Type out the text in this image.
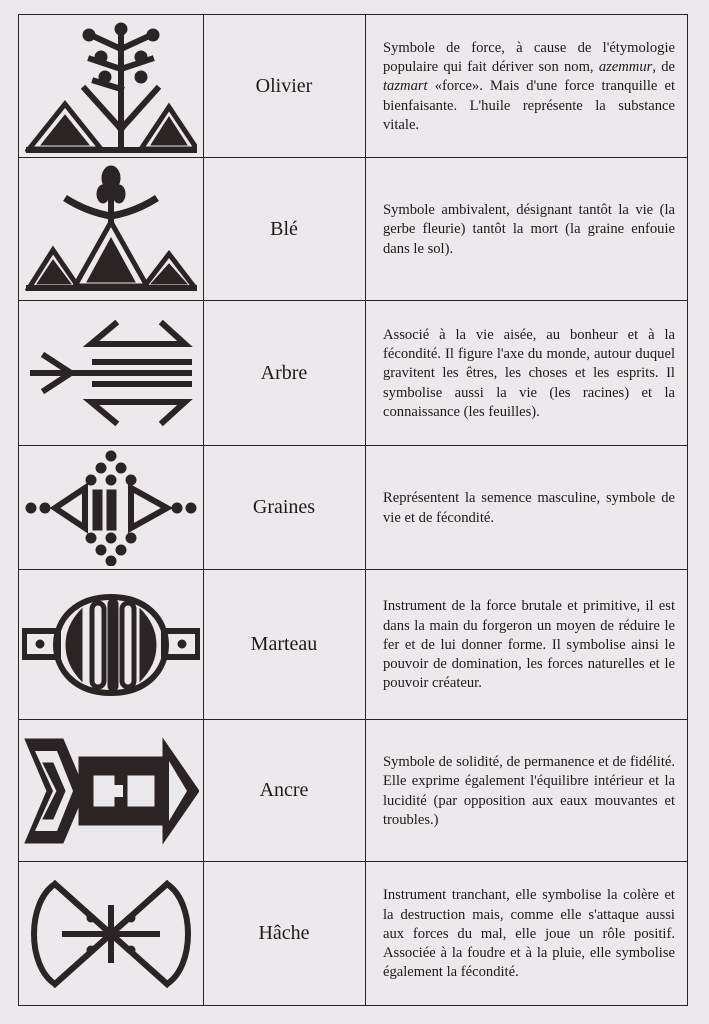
Olivier

Symbole de force, à cause de l'étymologie populaire qui fait dériver son nom, azemmur, de tazmart «force». Mais d'une force tranquille et bienfaisante. L'huile représente la substance vitale.

Blé

Symbole ambivalent, désignant tantôt la vie (la gerbe fleurie) tantôt la mort (la graine enfouie dans le sol).

Arbre

Associé à la vie aisée, au bonheur et à la fécondité. Il figure l'axe du monde, autour duquel gravitent les êtres, les choses et les esprits. Il symbolise aussi la vie (les racines) et la connaissance (les feuilles).

Graines	Représentent la semence masculine, symbole de vie et de fécondité.

Marteau

Instrument de la force brutale et primitive, il est dans la main du forgeron un moyen de réduire le fer et de lui donner forme. Il symbolise ainsi le pouvoir de domination, les forces naturelles et le pouvoir créateur.

Ancre

Symbole de solidité, de permanence et de fidélité. Elle exprime également l'équilibre intérieur et la lucidité (par opposition aux eaux mouvantes et troubles.)

Hâche

Instrument tranchant, elle symbolise la colère et la destruction mais, comme elle s'attaque aussi aux forces du mal, elle joue un rôle positif. Associée à la foudre et à la pluie, elle symbolise également la fécondité.
